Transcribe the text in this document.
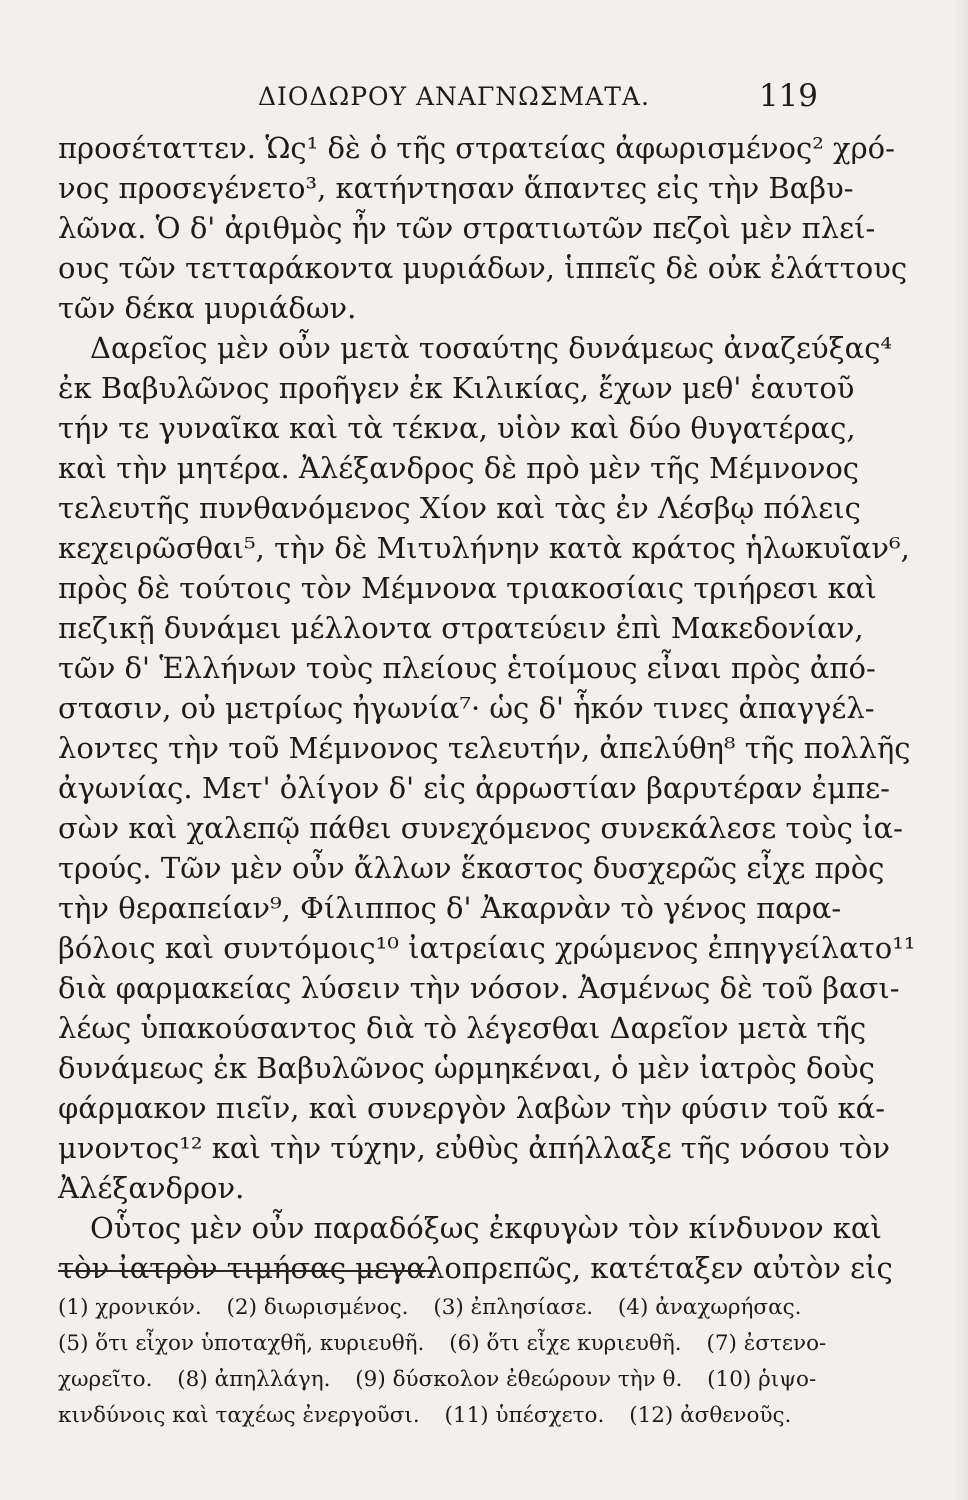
ΔΙΟΔΩΡΟΥ ΑΝΑΓΝΩΣΜΑΤΑ.	119
προσέταττεν. Ὡς¹ δὲ ὁ τῆς στρατείας ἀφωρισμένος² χρό-
νος προσεγένετο³, κατήντησαν ἅπαντες εἰς τὴν Βαβυ-
λῶνα. Ὁ δ' ἀριθμὸς ἦν τῶν στρατιωτῶν πεζοὶ μὲν πλεί-
ους τῶν τετταράκοντα μυριάδων, ἱππεῖς δὲ οὐκ ἐλάττους
τῶν δέκα μυριάδων.
Δαρεῖος μὲν οὖν μετὰ τοσαύτης δυνάμεως ἀναζεύξας⁴
ἐκ Βαβυλῶνος προῆγεν ἐκ Κιλικίας, ἔχων μεθ' ἑαυτοῦ
τήν τε γυναῖκα καὶ τὰ τέκνα, υἱὸν καὶ δύο θυγατέρας,
καὶ τὴν μητέρα. Ἀλέξανδρος δὲ πρὸ μὲν τῆς Μέμνονος
τελευτῆς πυνθανόμενος Χίον καὶ τὰς ἐν Λέσβῳ πόλεις
κεχειρῶσθαι⁵, τὴν δὲ Μιτυλήνην κατὰ κράτος ἡλωκυῖαν⁶,
πρὸς δὲ τούτοις τὸν Μέμνονα τριακοσίαις τριήρεσι καὶ
πεζικῇ δυνάμει μέλλοντα στρατεύειν ἐπὶ Μακεδονίαν,
τῶν δ' Ἑλλήνων τοὺς πλείους ἑτοίμους εἶναι πρὸς ἀπό-
στασιν, οὐ μετρίως ἠγωνία⁷· ὡς δ' ἧκόν τινες ἀπαγγέλ-
λοντες τὴν τοῦ Μέμνονος τελευτήν, ἀπελύθη⁸ τῆς πολλῆς
ἀγωνίας. Μετ' ὀλίγον δ' εἰς ἀρρωστίαν βαρυτέραν ἐμπε-
σὼν καὶ χαλεπῷ πάθει συνεχόμενος συνεκάλεσε τοὺς ἰα-
τρούς. Τῶν μὲν οὖν ἄλλων ἕκαστος δυσχερῶς εἶχε πρὸς
τὴν θεραπείαν⁹, Φίλιππος δ' Ἀκαρνὰν τὸ γένος παρα-
βόλοις καὶ συντόμοις¹⁰ ἰατρείαις χρώμενος ἐπηγγείλατο¹¹
διὰ φαρμακείας λύσειν τὴν νόσον. Ἀσμένως δὲ τοῦ βασι-
λέως ὑπακούσαντος διὰ τὸ λέγεσθαι Δαρεῖον μετὰ τῆς
δυνάμεως ἐκ Βαβυλῶνος ὡρμηκέναι, ὁ μὲν ἰατρὸς δοὺς
φάρμακον πιεῖν, καὶ συνεργὸν λαβὼν τὴν φύσιν τοῦ κά-
μνοντος¹² καὶ τὴν τύχην, εὐθὺς ἀπήλλαξε τῆς νόσου τὸν
Ἀλέξανδρον.
Οὗτος μὲν οὖν παραδόξως ἐκφυγὼν τὸν κίνδυνον καὶ
τὸν ἰατρὸν τιμήσας μεγαλοπρεπῶς, κατέταξεν αὐτὸν εἰς
(1) χρονικόν. (2) διωρισμένος. (3) ἐπλησίασε. (4) ἀναχωρήσας.
(5) ὅτι εἶχον ὑποταχθῆ, κυριευθῆ. (6) ὅτι εἶχε κυριευθῆ. (7) ἐστενο-
χωρεῖτο. (8) ἀπηλλάγη. (9) δύσκολον ἐθεώρουν τὴν θ. (10) ῥιψο-
κινδύνοις καὶ ταχέως ἐνεργοῦσι. (11) ὑπέσχετο. (12) ἀσθενοῦς.
